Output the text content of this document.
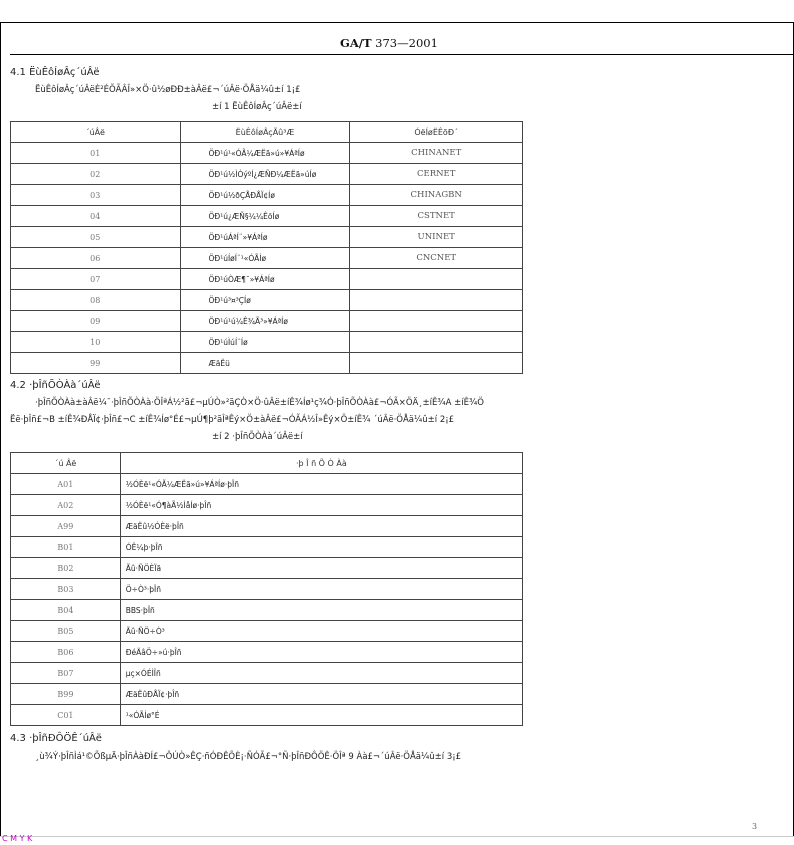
GA/T 373—2001
4.1 ËùÊôÍøÂç´úÂë
ËùÊôÍøÂç´úÂëÈ²ÉÕÃÂÎ»×Ö·û½øÐÐ±àÂë£¬´úÂë·ÖÅä¼û±í 1¡£
±í 1 ËùÊôÍøÂç´úÂë±í
´úÂë	ËùÊôÍøÂçÃû³Æ	ÓëÍøËÊõÐ´
01	ÖÐ¹ú¹«ÓÃ¼ÆËã»ú»¥ÁªÍø	CHINANET
02	ÖÐ¹ú½ÌÓýºÍ¿ÆÑÐ¼ÆËã»úÍø	CERNET
03	ÖÐ¹ú½ðÇÅÐÅÏ¢Íø	CHINAGBN
04	ÖÐ¹ú¿ÆÑ§¼¼ÊõÍø	CSTNET
05	ÖÐ¹úÁªÍ¨»¥ÁªÍø	UNINET
06	ÖÐ¹úÍøÍ¨¹«ÓÃÍø	CNCNET
07	ÖÐ¹úÒÆ¶¯»¥ÁªÍø	
08	ÖÐ¹ú³¤³ÇÍø	
09	ÖÐ¹ú¹ú¼Ê¾Ã³»¥ÁªÍø	
10	ÖÐ¹úÌúÍ¨Íø	
99	ÆäËü	
4.2 ·þÎñÕÒÀà´úÂë
·þÎñÕÒÀà±àÂë¼¯·þÎñÕÒÀà·ÖÎªÁ½²ã£¬µÚÒ»²ãÇÒ×Ö·ûÂë±íÊ¾Íø¹ç¾Ó·þÎñÕÒÀà£¬ÓÃ×ÖÄ¸±íÊ¾A ±íÊ¾Ö
Ëë·þÎñ£¬B ±íÊ¾ÐÅÏ¢·þÎñ£¬C ±íÊ¾Íø°É£¬µÚ¶þ²ãÎªÊý×Ö±àÂë£¬ÓÃÁ½Î»Êý×Ö±íÊ¾ ´úÂë·ÖÅä¼û±í 2¡£
±í 2 ·þÎñÕÒÀà´úÂë±í
´ú Âë	·þ Î ñ Õ Ò Àà
A01	½ÓÈë¹«ÓÃ¼ÆËã»ú»¥ÁªÍø·þÎñ
A02	½ÓÈë¹«Ó¶àÃ½ÌåÍø·þÎñ
A99	ÆäËû½ÓÈë·þÎñ
B01	ÓÊ¼þ·þÎñ
B02	Ãû·ÑÖÈÏã
B03	Ö÷Ò³·þÎñ
B04	BBS·þÎñ
B05	Ãû·ÑÖ÷Ò³
B06	ÐéÄâÖ÷»ú·þÎñ
B07	µç×ÓÉÌÎñ
B99	ÆäËûÐÅÏ¢·þÎñ
C01	¹«ÓÃÍø°É
4.3 ·þÎñÐÔÖÊ´úÂë
¸ù¾Ý·þÎñÌá¹©ÕßµÄ·þÎñÀàÐÍ£¬ÔÚÒ»ÊÇ·ñÓÐÊÕÈ¡·ÑÓÃ£¬°Ñ·þÎñÐÔÖÊ·ÖÎª 9 Àà£¬´úÂë·ÖÅä¼û±í 3¡£
3
C M Y K
